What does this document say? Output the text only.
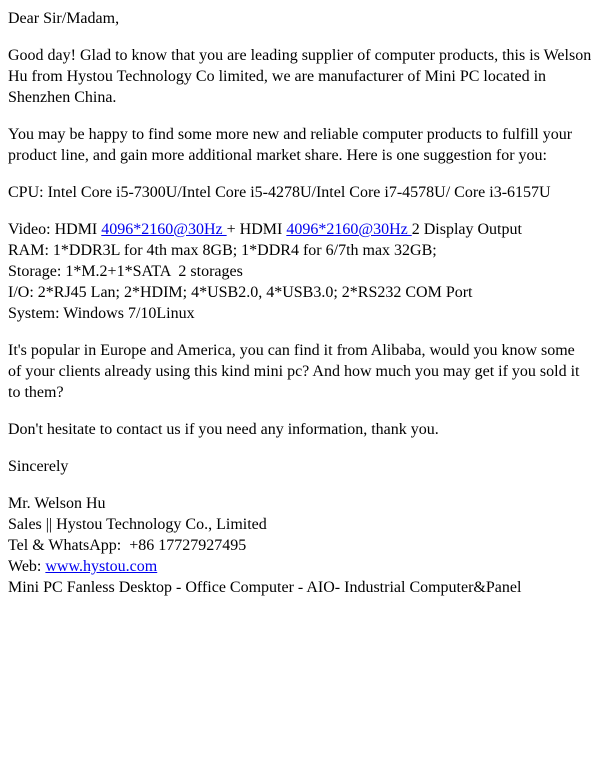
Dear Sir/Madam,

Good day! Glad to know that you are leading supplier of computer products, this is Welson Hu from Hystou Technology Co limited, we are manufacturer of Mini PC located in Shenzhen China.

You may be happy to find some more new and reliable computer products to fulfill your product line, and gain more additional market share. Here is one suggestion for you:

CPU: Intel Core i5-7300U/Intel Core i5-4278U/Intel Core i7-4578U/ Core i3-6157U

Video: HDMI 4096*2160@30Hz + HDMI 4096*2160@30Hz 2 Display Output
RAM: 1*DDR3L for 4th max 8GB; 1*DDR4 for 6/7th max 32GB;
Storage: 1*M.2+1*SATA  2 storages
I/O: 2*RJ45 Lan; 2*HDIM; 4*USB2.0, 4*USB3.0; 2*RS232 COM Port
System: Windows 7/10Linux

It's popular in Europe and America, you can find it from Alibaba, would you know some of your clients already using this kind mini pc? And how much you may get if you sold it to them?

Don't hesitate to contact us if you need any information, thank you.

Sincerely

Mr. Welson Hu
Sales || Hystou Technology Co., Limited
Tel & WhatsApp:  +86 17727927495
Web: www.hystou.com
Mini PC Fanless Desktop - Office Computer - AIO- Industrial Computer&Panel
